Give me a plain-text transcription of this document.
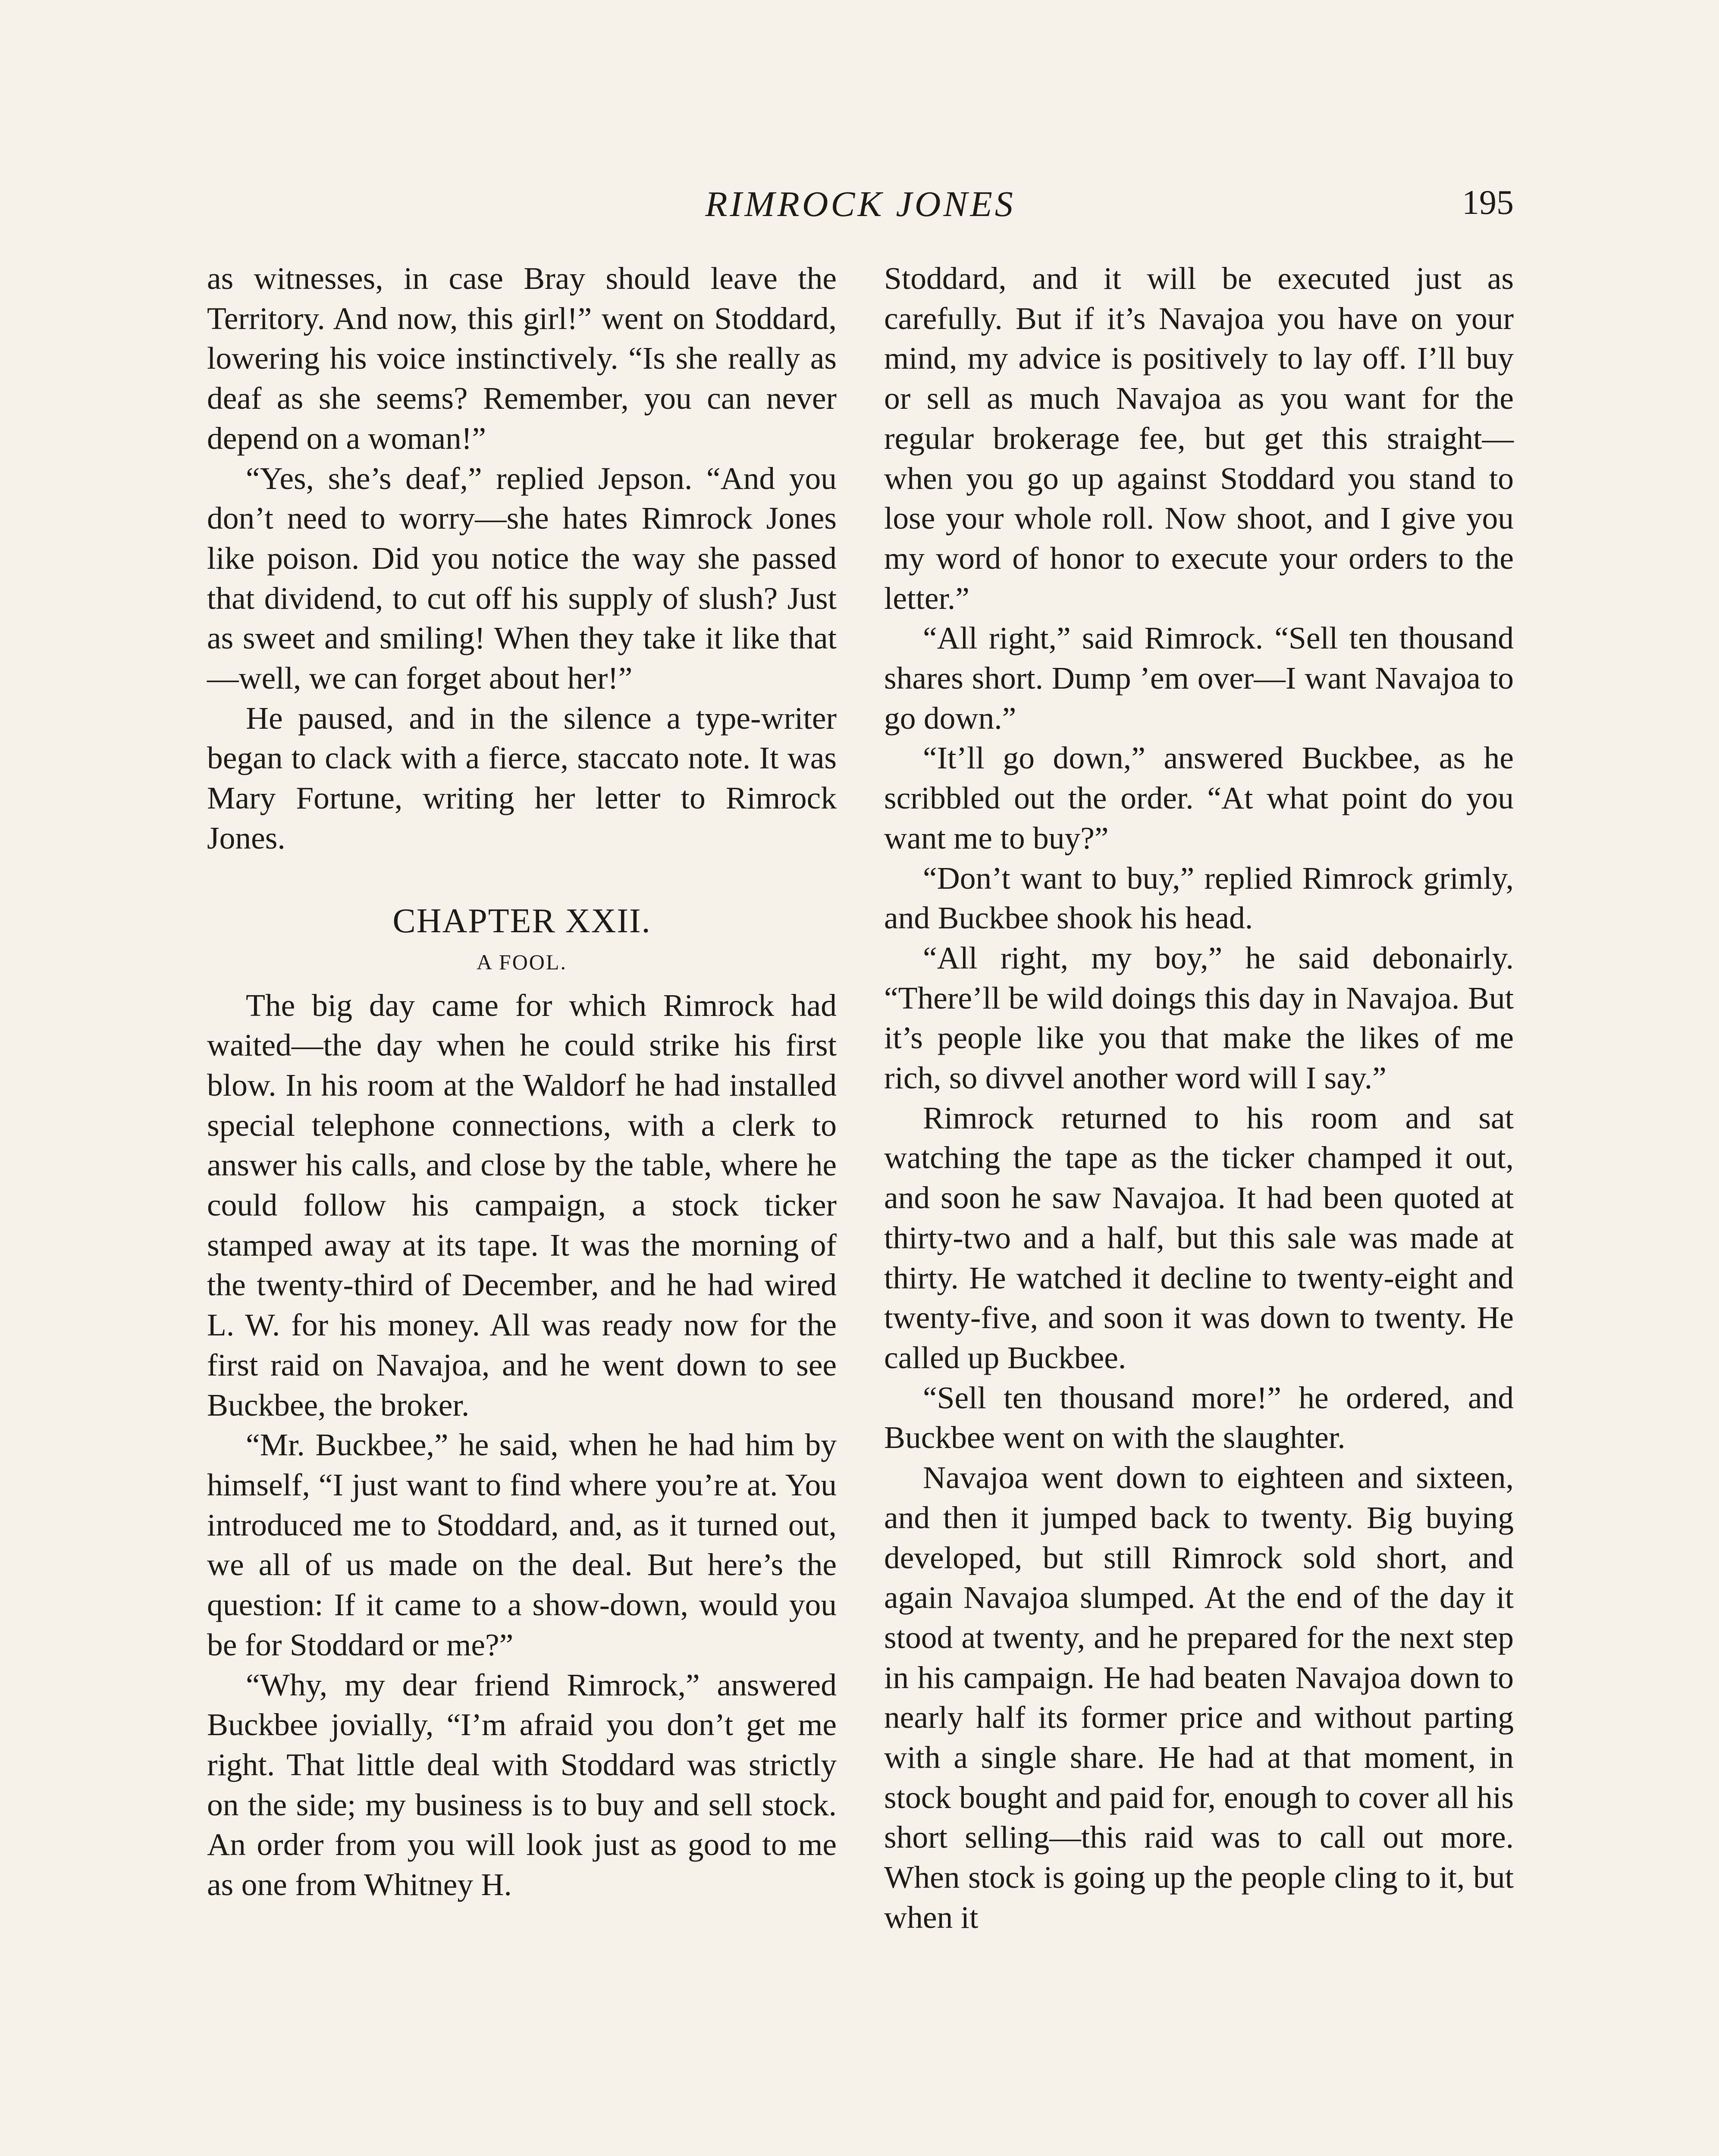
RIMROCK JONES	195

as witnesses, in case Bray should leave the Territory. And now, this girl!” went on Stoddard, lowering his voice instinctively. “Is she really as deaf as she seems? Remember, you can never depend on a woman!”

“Yes, she’s deaf,” replied Jepson. “And you don’t need to worry—she hates Rimrock Jones like poison. Did you notice the way she passed that dividend, to cut off his supply of slush? Just as sweet and smiling! When they take it like that—well, we can forget about her!”

He paused, and in the silence a type-writer began to clack with a fierce, staccato note. It was Mary Fortune, writing her letter to Rimrock Jones.

CHAPTER XXII.
A FOOL.

The big day came for which Rimrock had waited—the day when he could strike his first blow. In his room at the Waldorf he had installed special telephone connections, with a clerk to answer his calls, and close by the table, where he could follow his campaign, a stock ticker stamped away at its tape. It was the morning of the twenty-third of December, and he had wired L. W. for his money. All was ready now for the first raid on Navajoa, and he went down to see Buckbee, the broker.

“Mr. Buckbee,” he said, when he had him by himself, “I just want to find where you’re at. You introduced me to Stoddard, and, as it turned out, we all of us made on the deal. But here’s the question: If it came to a show-down, would you be for Stoddard or me?”

“Why, my dear friend Rimrock,” answered Buckbee jovially, “I’m afraid you don’t get me right. That little deal with Stoddard was strictly on the side; my business is to buy and sell stock. An order from you will look just as good to me as one from Whitney H.

Stoddard, and it will be executed just as carefully. But if it’s Navajoa you have on your mind, my advice is positively to lay off. I’ll buy or sell as much Navajoa as you want for the regular brokerage fee, but get this straight—when you go up against Stoddard you stand to lose your whole roll. Now shoot, and I give you my word of honor to execute your orders to the letter.”

“All right,” said Rimrock. “Sell ten thousand shares short. Dump ’em over—I want Navajoa to go down.”

“It’ll go down,” answered Buckbee, as he scribbled out the order. “At what point do you want me to buy?”

“Don’t want to buy,” replied Rimrock grimly, and Buckbee shook his head.

“All right, my boy,” he said debonairly. “There’ll be wild doings this day in Navajoa. But it’s people like you that make the likes of me rich, so divvel another word will I say.”

Rimrock returned to his room and sat watching the tape as the ticker champed it out, and soon he saw Navajoa. It had been quoted at thirty-two and a half, but this sale was made at thirty. He watched it decline to twenty-eight and twenty-five, and soon it was down to twenty. He called up Buckbee.

“Sell ten thousand more!” he ordered, and Buckbee went on with the slaughter.

Navajoa went down to eighteen and sixteen, and then it jumped back to twenty. Big buying developed, but still Rimrock sold short, and again Navajoa slumped. At the end of the day it stood at twenty, and he prepared for the next step in his campaign. He had beaten Navajoa down to nearly half its former price and without parting with a single share. He had at that moment, in stock bought and paid for, enough to cover all his short selling—this raid was to call out more. When stock is going up the people cling to it, but when it
